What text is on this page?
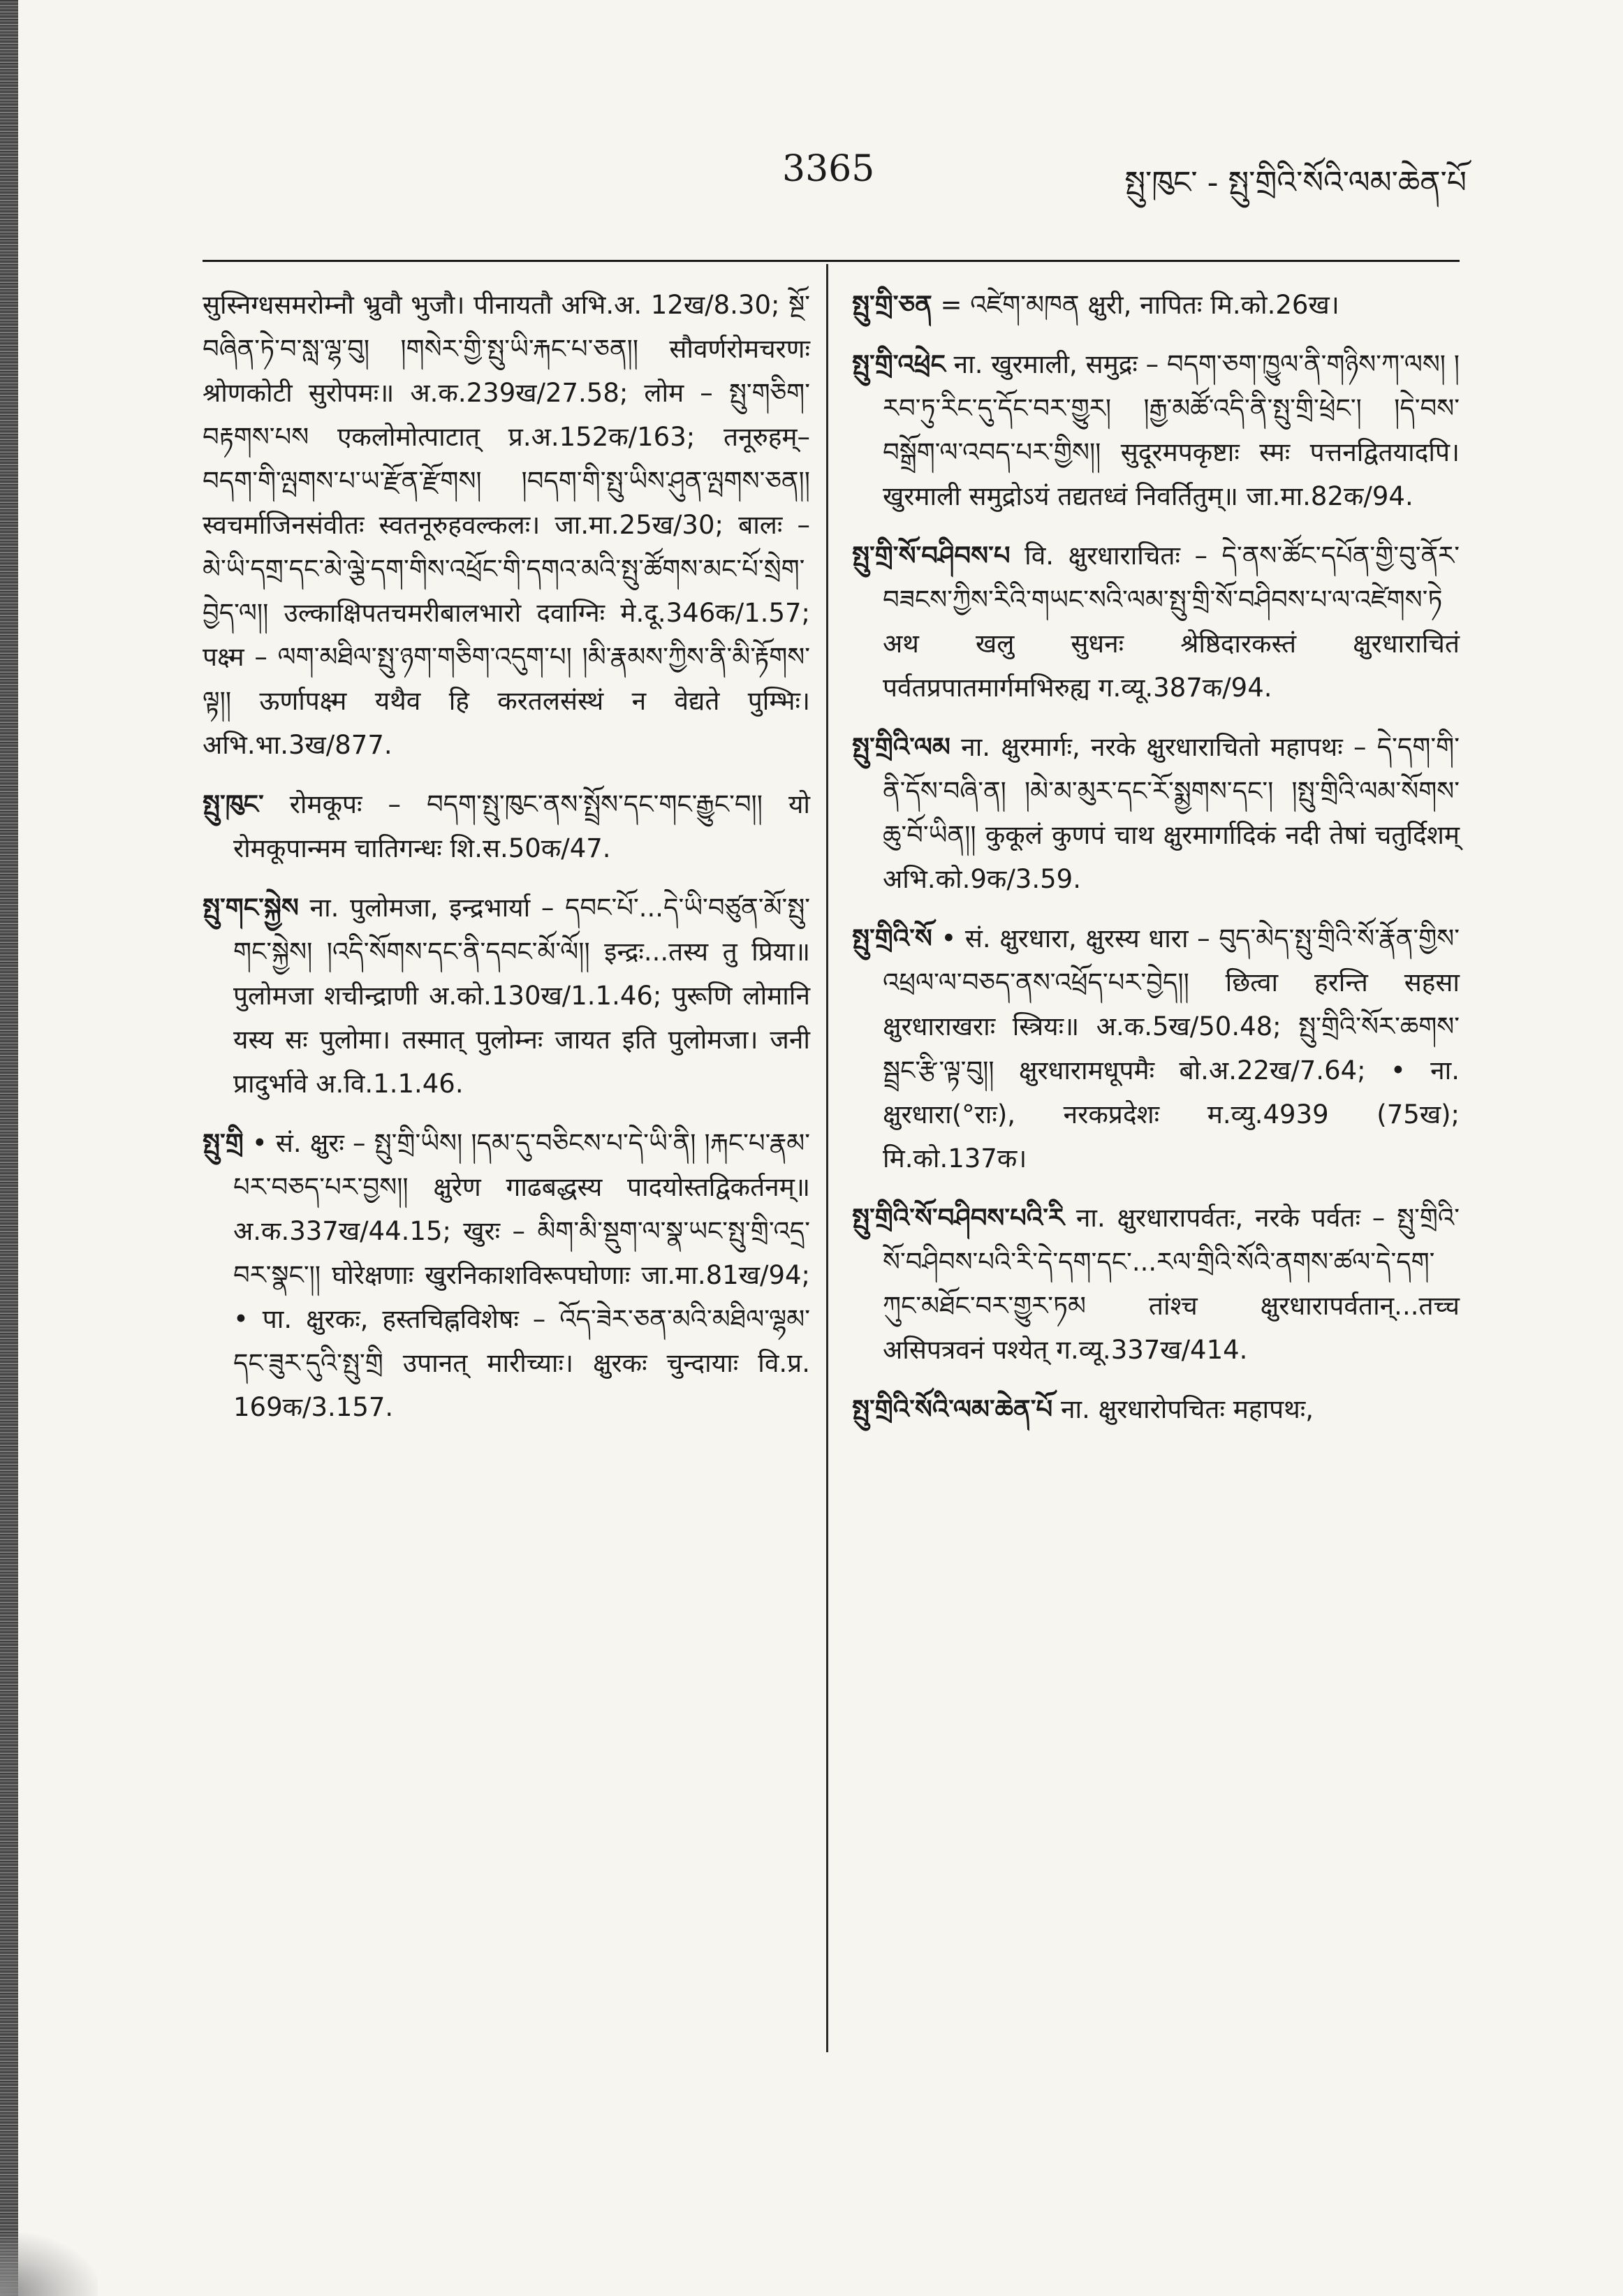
3365	སྤུ་ཁུང་ - སྤུ་གྲིའི་སོའི་ལམ་ཆེན་པོ

सुस्निग्धसमरोम्नौ भ्रुवौ भुजौ। पीनायतौ अभि.अ. 12ख/8.30; སྔོ་བཞིན་ཏེ་བ་སླ་ལྷ་བུ། །གསེར་གྱི་སྤུ་ཡི་རྐང་པ་ཅན།། सौवर्णरोमचरणः श्रोणकोटी सुरोपमः॥ अ.क.239ख/27.58; लोम – སྤུ་གཅིག་བརྟགས་པས एकलोमोत्पाटात् प्र.अ.152क/163; तनूरुहम्– བདག་གི་ལྤགས་པ་ཡ་རྫོན་རྫོགས། །བདག་གི་སྤུ་ཡིས་ཤུན་ལྤགས་ཅན།། स्वचर्माजिनसंवीतः स्वतनूरुहवल्कलः। जा.मा.25ख/30; बालः – མེ་ཡི་དགྲ་དང་མེ་ལྕེ་དག་གིས་འཕྲོང་གི་དགའ་མའི་སྤུ་ཚོགས་མང་པོ་སྲེག་བྱེད་ལ།། उल्काक्षिपतचमरीबालभारो दवाग्निः मे.दू.346क/1.57; पक्ष्म – ལག་མཐིལ་སྤུ་ཉག་གཅིག་འདུག་པ། །མི་རྣམས་ཀྱིས་ནི་མི་རྟོགས་ལྟ།། ऊर्णापक्ष्म यथैव हि करतलसंस्थं न वेद्यते पुम्भिः। अभि.भा.3ख/877.

སྤུ་ཁུང་ रोमकूपः – བདག་སྤུ་ཁུང་ནས་སྤྲོས་དང་གང་རྒྱུང་བ།། यो रोमकूपान्मम चातिगन्धः शि.स.50क/47.

སྤུ་གང་སྐྱེས ना. पुलोमजा, इन्द्रभार्या – དབང་པོ་...དེ་ཡི་བཙུན་མོ་སྤུ་གང་སྐྱེས། །འདི་སོགས་དང་ནི་དབང་མོ་ལོ།། इन्द्रः...तस्य तु प्रिया॥ पुलोमजा शचीन्द्राणी अ.को.130ख/1.1.46; पुरूणि लोमानि यस्य सः पुलोमा। तस्मात् पुलोम्नः जायत इति पुलोमजा। जनी प्रादुर्भावे अ.वि.1.1.46.

སྤུ་གྲི • सं. क्षुरः – སྤུ་གྲི་ཡིས། །དམ་དུ་བཅིངས་པ་དེ་ཡི་ནི། །རྐང་པ་རྣམ་པར་བཅད་པར་བྱས།། क्षुरेण गाढबद्धस्य पादयोस्तद्विकर्तनम्॥ अ.क.337ख/44.15; खुरः – མིག་མི་སྡུག་ལ་སྣ་ཡང་སྤུ་གྲི་འདྲ་བར་སྣང་།། घोरेक्षणाः खुरनिकाशविरूपघोणाः जा.मा.81ख/94; • पा. क्षुरकः, हस्तचिह्नविशेषः – འོད་ཟེར་ཅན་མའི་མཐིལ་ལྷམ་དང་ཟུར་དུའི་སྤུ་གྲི उपानत् मारीच्याः। क्षुरकः चुन्दायाः वि.प्र. 169क/3.157.

སྤུ་གྲི་ཅན = འཛེག་མཁན क्षुरी, नापितः मि.को.26ख।

སྤུ་གྲི་འཕྲེང ना. खुरमाली, समुद्रः – བདག་ཅག་ཁྱུལ་ནི་གཉིས་ཀ་ལས། །རབ་ཏུ་རིང་དུ་དོང་བར་གྱུར། །རྒྱ་མཚོ་འདི་ནི་སྤུ་གྲི་ཕྲེང་། །དེ་བས་བསྒྲོག་ལ་འབད་པར་གྱིས།། सुदूरमपकृष्टाः स्मः पत्तनद्वितयादपि। खुरमाली समुद्रोऽयं तद्यतध्वं निवर्तितुम्॥ जा.मा.82क/94.

སྤུ་གྲི་སོ་བཤིབས་པ वि. क्षुरधाराचितः – དེ་ནས་ཚོང་དཔོན་གྱི་བུ་ནོར་བཟངས་ཀྱིས་རིའི་གཡང་སའི་ལམ་སྤུ་གྲི་སོ་བཤིབས་པ་ལ་འཛེགས་ཏེ अथ खलु सुधनः श्रेष्ठिदारकस्तं क्षुरधाराचितं पर्वतप्रपातमार्गमभिरुह्य ग.व्यू.387क/94.

སྤུ་གྲིའི་ལམ ना. क्षुरमार्गः, नरके क्षुरधाराचितो महापथः – དེ་དག་གི་ནི་དོས་བཞི་ན། །མེ་མ་མུར་དང་རོ་སྨྱགས་དང་། །སྤུ་གྲིའི་ལམ་སོགས་ཆུ་བོ་ཡིན།། कुकूलं कुणपं चाथ क्षुरमार्गादिकं नदी तेषां चतुर्दिशम् अभि.को.9क/3.59.

སྤུ་གྲིའི་སོ • सं. क्षुरधारा, क्षुरस्य धारा – བུད་མེད་སྤུ་གྲིའི་སོ་རྣོན་གྱིས་འཕྲལ་ལ་བཅད་ནས་འཕྲོད་པར་བྱེད།། छित्वा हरन्ति सहसा क्षुरधाराखराः स्त्रियः॥ अ.क.5ख/50.48; སྤུ་གྲིའི་སོར་ཆགས་སྦྲང་རྩི་ལྟ་བུ།། क्षुरधारामधूपमैः बो.अ.22ख/7.64; • ना. क्षुरधारा(°राः), नरकप्रदेशः म.व्यु.4939 (75ख); मि.को.137क।

སྤུ་གྲིའི་སོ་བཤིབས་པའི་རི ना. क्षुरधारापर्वतः, नरके पर्वतः – སྤུ་གྲིའི་སོ་བཤིབས་པའི་རི་དེ་དག་དང་...རལ་གྲིའི་སོའི་ནགས་ཚལ་དེ་དག་ཀུང་མཐོང་བར་གྱུར་ཏམ तांश्च क्षुरधारापर्वतान्...तच्च असिपत्रवनं पश्येत् ग.व्यू.337ख/414.

སྤུ་གྲིའི་སོའི་ལམ་ཆེན་པོ ना. क्षुरधारोपचितः महापथः,
